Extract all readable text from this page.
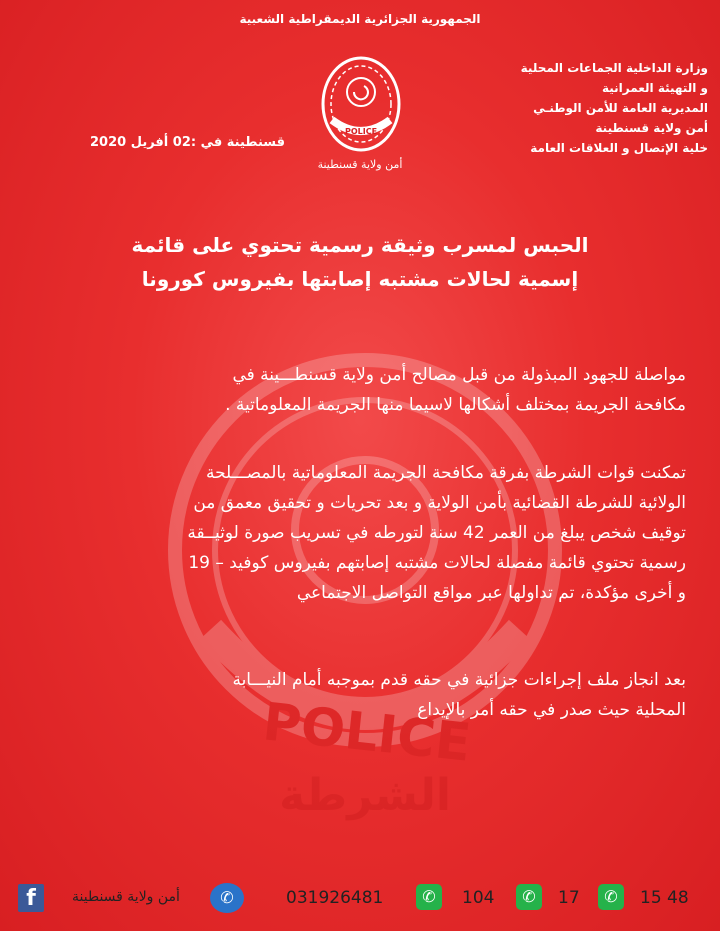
POLICE
الشرطة
الجمهورية الجزائرية الديمقراطية الشعبية
وزارة الداخلية الجماعات المحلية
و التهيئة العمرانية
المديرية العامة للأمن الوطنـي
أمن ولاية قسنطينة
خلية الإتصال و العلاقات العامة
POLICE
أمن ولاية قسنطينة
قسنطينة في :02 أفريل 2020
الحبس لمسرب وثيقة رسمية تحتوي على قائمة
إسمية لحالات مشتبه إصابتها بفيروس كورونا
مواصلة للجهود المبذولة من قبل مصالح أمن ولاية قسنطـــينة في
مكافحة الجريمة بمختلف أشكالها لاسيما منها الجريمة المعلوماتية .
تمكنت قوات الشرطة بفرقة مكافحة الجريمة المعلوماتية بالمصـــلحة
الولائية للشرطة القضائية بأمن الولاية و بعد تحريات و تحقيق معمق من
توقيف شخص يبلغ من العمر 42 سنة لتورطه في تسريب صورة لوثيــقة
رسمية تحتوي قائمة مفصلة لحالات مشتبه إصابتهم بفيروس كوفيد – 19
و أخرى مؤكدة، تم تداولها عبر مواقع التواصل الاجتماعي
بعد انجاز ملف إجراءات جزائية في حقه قدم بموجبه أمام النيـــابة
المحلية حيث صدر في حقه أمر بالإيداع
f	أمن ولاية قسنطينة	✆	031926481	✆	104	✆	17	✆	15 48
